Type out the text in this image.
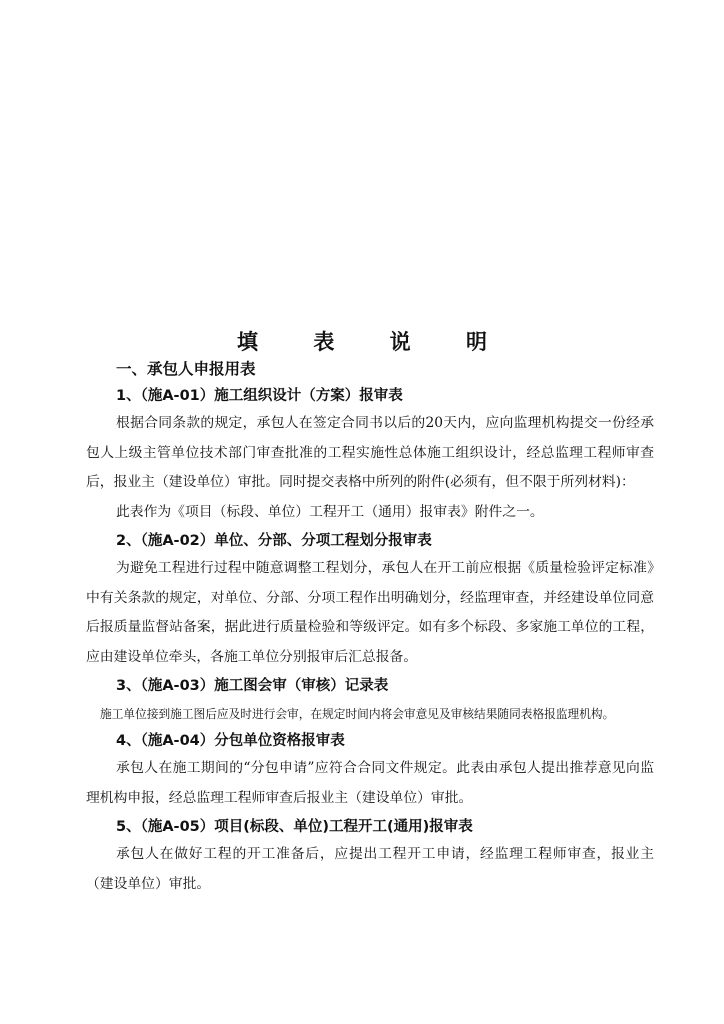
填 表 说 明
一、承包人申报用表
1、（施A-01）施工组织设计（方案）报审表

根据合同条款的规定，承包人在签定合同书以后的20天内，应向监理机构提交一份经承包人上级主管单位技术部门审查批准的工程实施性总体施工组织设计，经总监理工程师审查后，报业主（建设单位）审批。同时提交表格中所列的附件(必须有，但不限于所列材料)：

此表作为《项目（标段、单位）工程开工（通用）报审表》附件之一。

2、（施A-02）单位、分部、分项工程划分报审表

为避免工程进行过程中随意调整工程划分，承包人在开工前应根据《质量检验评定标准》中有关条款的规定，对单位、分部、分项工程作出明确划分，经监理审查，并经建设单位同意后报质量监督站备案，据此进行质量检验和等级评定。如有多个标段、多家施工单位的工程，应由建设单位牵头，各施工单位分别报审后汇总报备。

3、（施A-03）施工图会审（审核）记录表

施工单位接到施工图后应及时进行会审，在规定时间内将会审意见及审核结果随同表格报监理机构。

4、（施A-04）分包单位资格报审表

承包人在施工期间的“分包申请”应符合合同文件规定。此表由承包人提出推荐意见向监理机构申报，经总监理工程师审查后报业主（建设单位）审批。

5、（施A-05）项目(标段、单位)工程开工(通用)报审表

承包人在做好工程的开工准备后，应提出工程开工申请，经监理工程师审查，报业主（建设单位）审批。
